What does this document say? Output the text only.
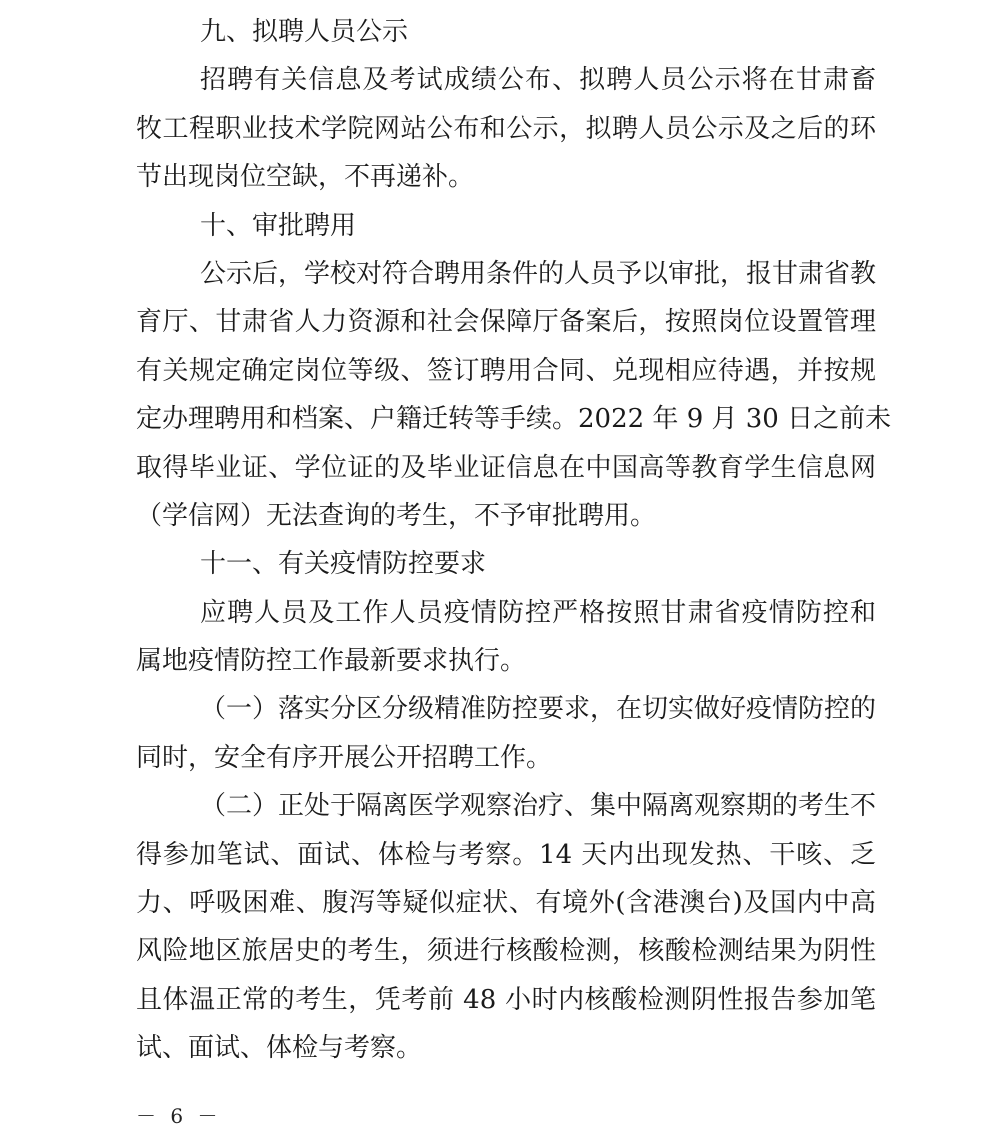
九、拟聘人员公示
招聘有关信息及考试成绩公布、拟聘人员公示将在甘肃畜
牧工程职业技术学院网站公布和公示，拟聘人员公示及之后的环
节出现岗位空缺，不再递补。
十、审批聘用
公示后，学校对符合聘用条件的人员予以审批，报甘肃省教
育厅、甘肃省人力资源和社会保障厅备案后，按照岗位设置管理
有关规定确定岗位等级、签订聘用合同、兑现相应待遇，并按规
定办理聘用和档案、户籍迁转等手续。2022 年 9 月 30 日之前未
取得毕业证、学位证的及毕业证信息在中国高等教育学生信息网
（学信网）无法查询的考生，不予审批聘用。
十一、有关疫情防控要求
应聘人员及工作人员疫情防控严格按照甘肃省疫情防控和
属地疫情防控工作最新要求执行。
（一）落实分区分级精准防控要求，在切实做好疫情防控的
同时，安全有序开展公开招聘工作。
（二）正处于隔离医学观察治疗、集中隔离观察期的考生不
得参加笔试、面试、体检与考察。14 天内出现发热、干咳、乏
力、呼吸困难、腹泻等疑似症状、有境外(含港澳台)及国内中高
风险地区旅居史的考生，须进行核酸检测，核酸检测结果为阴性
且体温正常的考生，凭考前 48 小时内核酸检测阴性报告参加笔
试、面试、体检与考察。
－ 6 －
